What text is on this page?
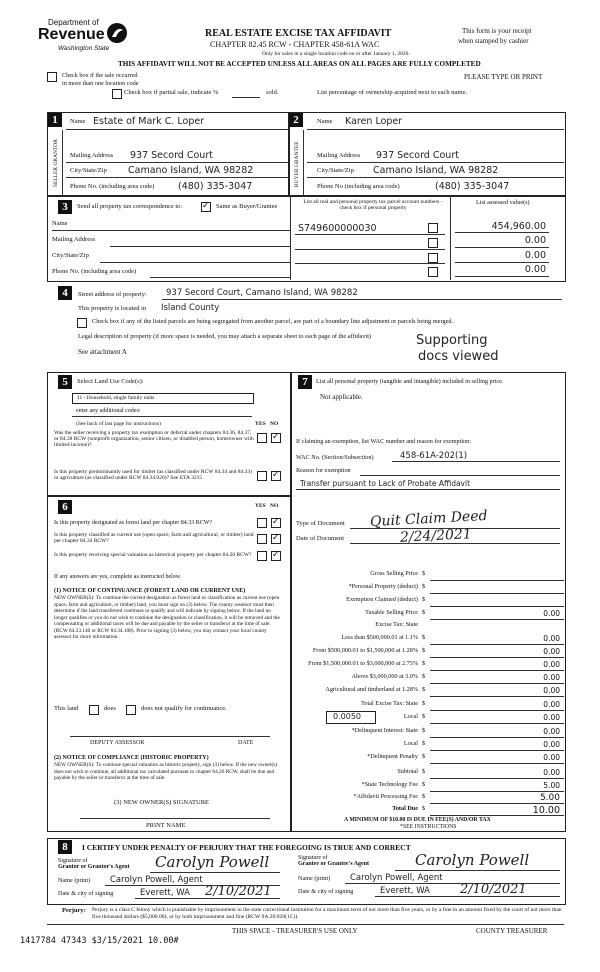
Department of
Revenue
Washington State
REAL ESTATE EXCISE TAX AFFIDAVIT
CHAPTER 82.45 RCW - CHAPTER 458-61A WAC
Only for sales in a single location code on or after January 1, 2020.
This form is your receipt
when stamped by cashier
THIS AFFIDAVIT WILL NOT BE ACCEPTED UNLESS ALL AREAS ON ALL PAGES ARE FULLY COMPLETED
PLEASE TYPE OR PRINT
Check box if the sale occurred
in more than one location code
Check box if partial sale, indicate %	sold.	List percentage of ownership acquired next to each name.
1	2
SELLER GRANTOR	BUYER GRANTEE
Name Estate of Mark C. Loper
Mailing Address 937 Secord Court
City/State/Zip Camano Island, WA 98282
Phone No. (including area code) (480) 335-3047
Name Karen Loper
Mailing Address 937 Secord Court
City/State/Zip Camano Island, WA 98282
Phone No (including area code)	(480) 335-3047
3	Send all property tax correspondence to:
✓	Same as Buyer/Grantee
List all real and personal property tax parcel account numbers - check box if personal property
List assessed value(s)
Name
Mailing Address
City/State/Zip
Phone No. (including area code)
S749600000030	454,960.00
0.00
0.00
0.00
4	Street address of property: 937 Secord Court, Camano Island, WA 98282
This property is located in Island County
Check box if any of the listed parcels are being segregated from another parcel, are part of a boundary line adjustment or parcels being merged.
Legal description of property (if more space is needed, you may attach a separate sheet to each page of the affidavit)
See attachment A
Supporting
docs viewed
5	Select Land Use Code(s):
11 - Household, single family units
enter any additional codes:
(See back of last page for instructions)	YES NO
Was the seller receiving a property tax exemption or deferral under chapters 84.36, 84.37, or 84.38 RCW (nonprofit organization, senior citizen, or disabled person, homeowner with limited income)?
✓
Is this property predominantly used for timber (as classified under RCW 84.34 and 84.33) or agriculture (as classified under RCW 84.34.020)? See ETA 3215
✓
6	YES NO
Is this property designated as forest land per chapter 84.33 RCW?
✓
Is this property classified as current use (open space, farm and agricultural, or timber) land per chapter 84.34 RCW?
✓
Is this property receiving special valuation as historical property per chapter 84.26 RCW?
✓
If any answers are yes, complete as instructed below.
(1) NOTICE OF CONTINUANCE (FOREST LAND OR CURRENT USE)
NEW OWNER(S): To continue the current designation as forest land or classification as current use (open space, farm and agriculture, or timber) land, you must sign on (3) below. The county assessor must then determine if the land transferred continues to qualify and will indicate by signing below. If the land no longer qualifies or you do not wish to continue the designation or classification, it will be removed and the compensating or additional taxes will be due and payable by the seller or transferor at the time of sale. (RCW 84.33.140 or RCW 84.34.108). Prior to signing (3) below, you may contact your local county assessor for more information.
This land	does	does not qualify for continuance.
DEPUTY ASSESSOR	DATE
(2) NOTICE OF COMPLIANCE (HISTORIC PROPERTY)
NEW OWNER(S): To continue special valuation as historic property, sign (3) below. If the new owner(s) does not wish to continue, all additional tax calculated pursuant to chapter 84.26 RCW, shall be due and payable by the seller or transferor at the time of sale.
(3) NEW OWNER(S) SIGNATURE
PRINT NAME
7	List all personal property (tangible and intangible) included in selling price.
Not applicable.
If claiming an exemption, list WAC number and reason for exemption:
WAC No. (Section/Subsection)	458-61A-202(1)
Reason for exemption
Transfer pursuant to Lack of Probate Affidavit
Type of Document Quit Claim Deed
Date of Document	2/24/2021
Gross Selling Price $
*Personal Property (deduct) $
Exemption Claimed (deduct) $
Taxable Selling Price $	0.00
Excise Tax: State
Less than $500,000.01 at 1.1% $	0.00
From $500,000.01 to $1,500,000 at 1.28% $	0.00
From $1,500,000.01 to $3,000,000 at 2.75% $	0.00
Above $3,000,000 at 3.0% $	0.00
Agricultural and timberland at 1.28% $	0.00
Total Excise Tax: State $	0.00
0.0050	Local $	0.00
*Delinquent Interest: State $	0.00
Local $	0.00
*Delinquent Penalty $	0.00
Subtotal $	0.00
*State Technology Fee $	5.00
*Affidavit Processing Fee $	5.00
Total Due $	10.00
A MINIMUM OF $10.00 IS DUE IN FEE(S) AND/OR TAX
*SEE INSTRUCTIONS
8	I CERTIFY UNDER PENALTY OF PERJURY THAT THE FOREGOING IS TRUE AND CORRECT
Signature of
Grantor or Grantor's Agent Carolyn Powell
Name (print) Carolyn Powell, Agent
Date & city of signing	Everett, WA 2/10/2021
Signature of
Grantee or Grantee's Agent	Carolyn Powell
Name (print) Carolyn Powell, Agent
Date & city of signing	Everett, WA 2/10/2021
Perjury: Perjury is a class C felony which is punishable by imprisonment in the state correctional institution for a maximum term of not more than five years, or by a fine in an amount fixed by the court of not more than five thousand dollars ($5,000.00), or by both imprisonment and fine (RCW 9A.20.020(1C)).
1417784 47343 $3/15/2021 10.00#
THIS SPACE - TREASURER'S USE ONLY	COUNTY TREASURER
